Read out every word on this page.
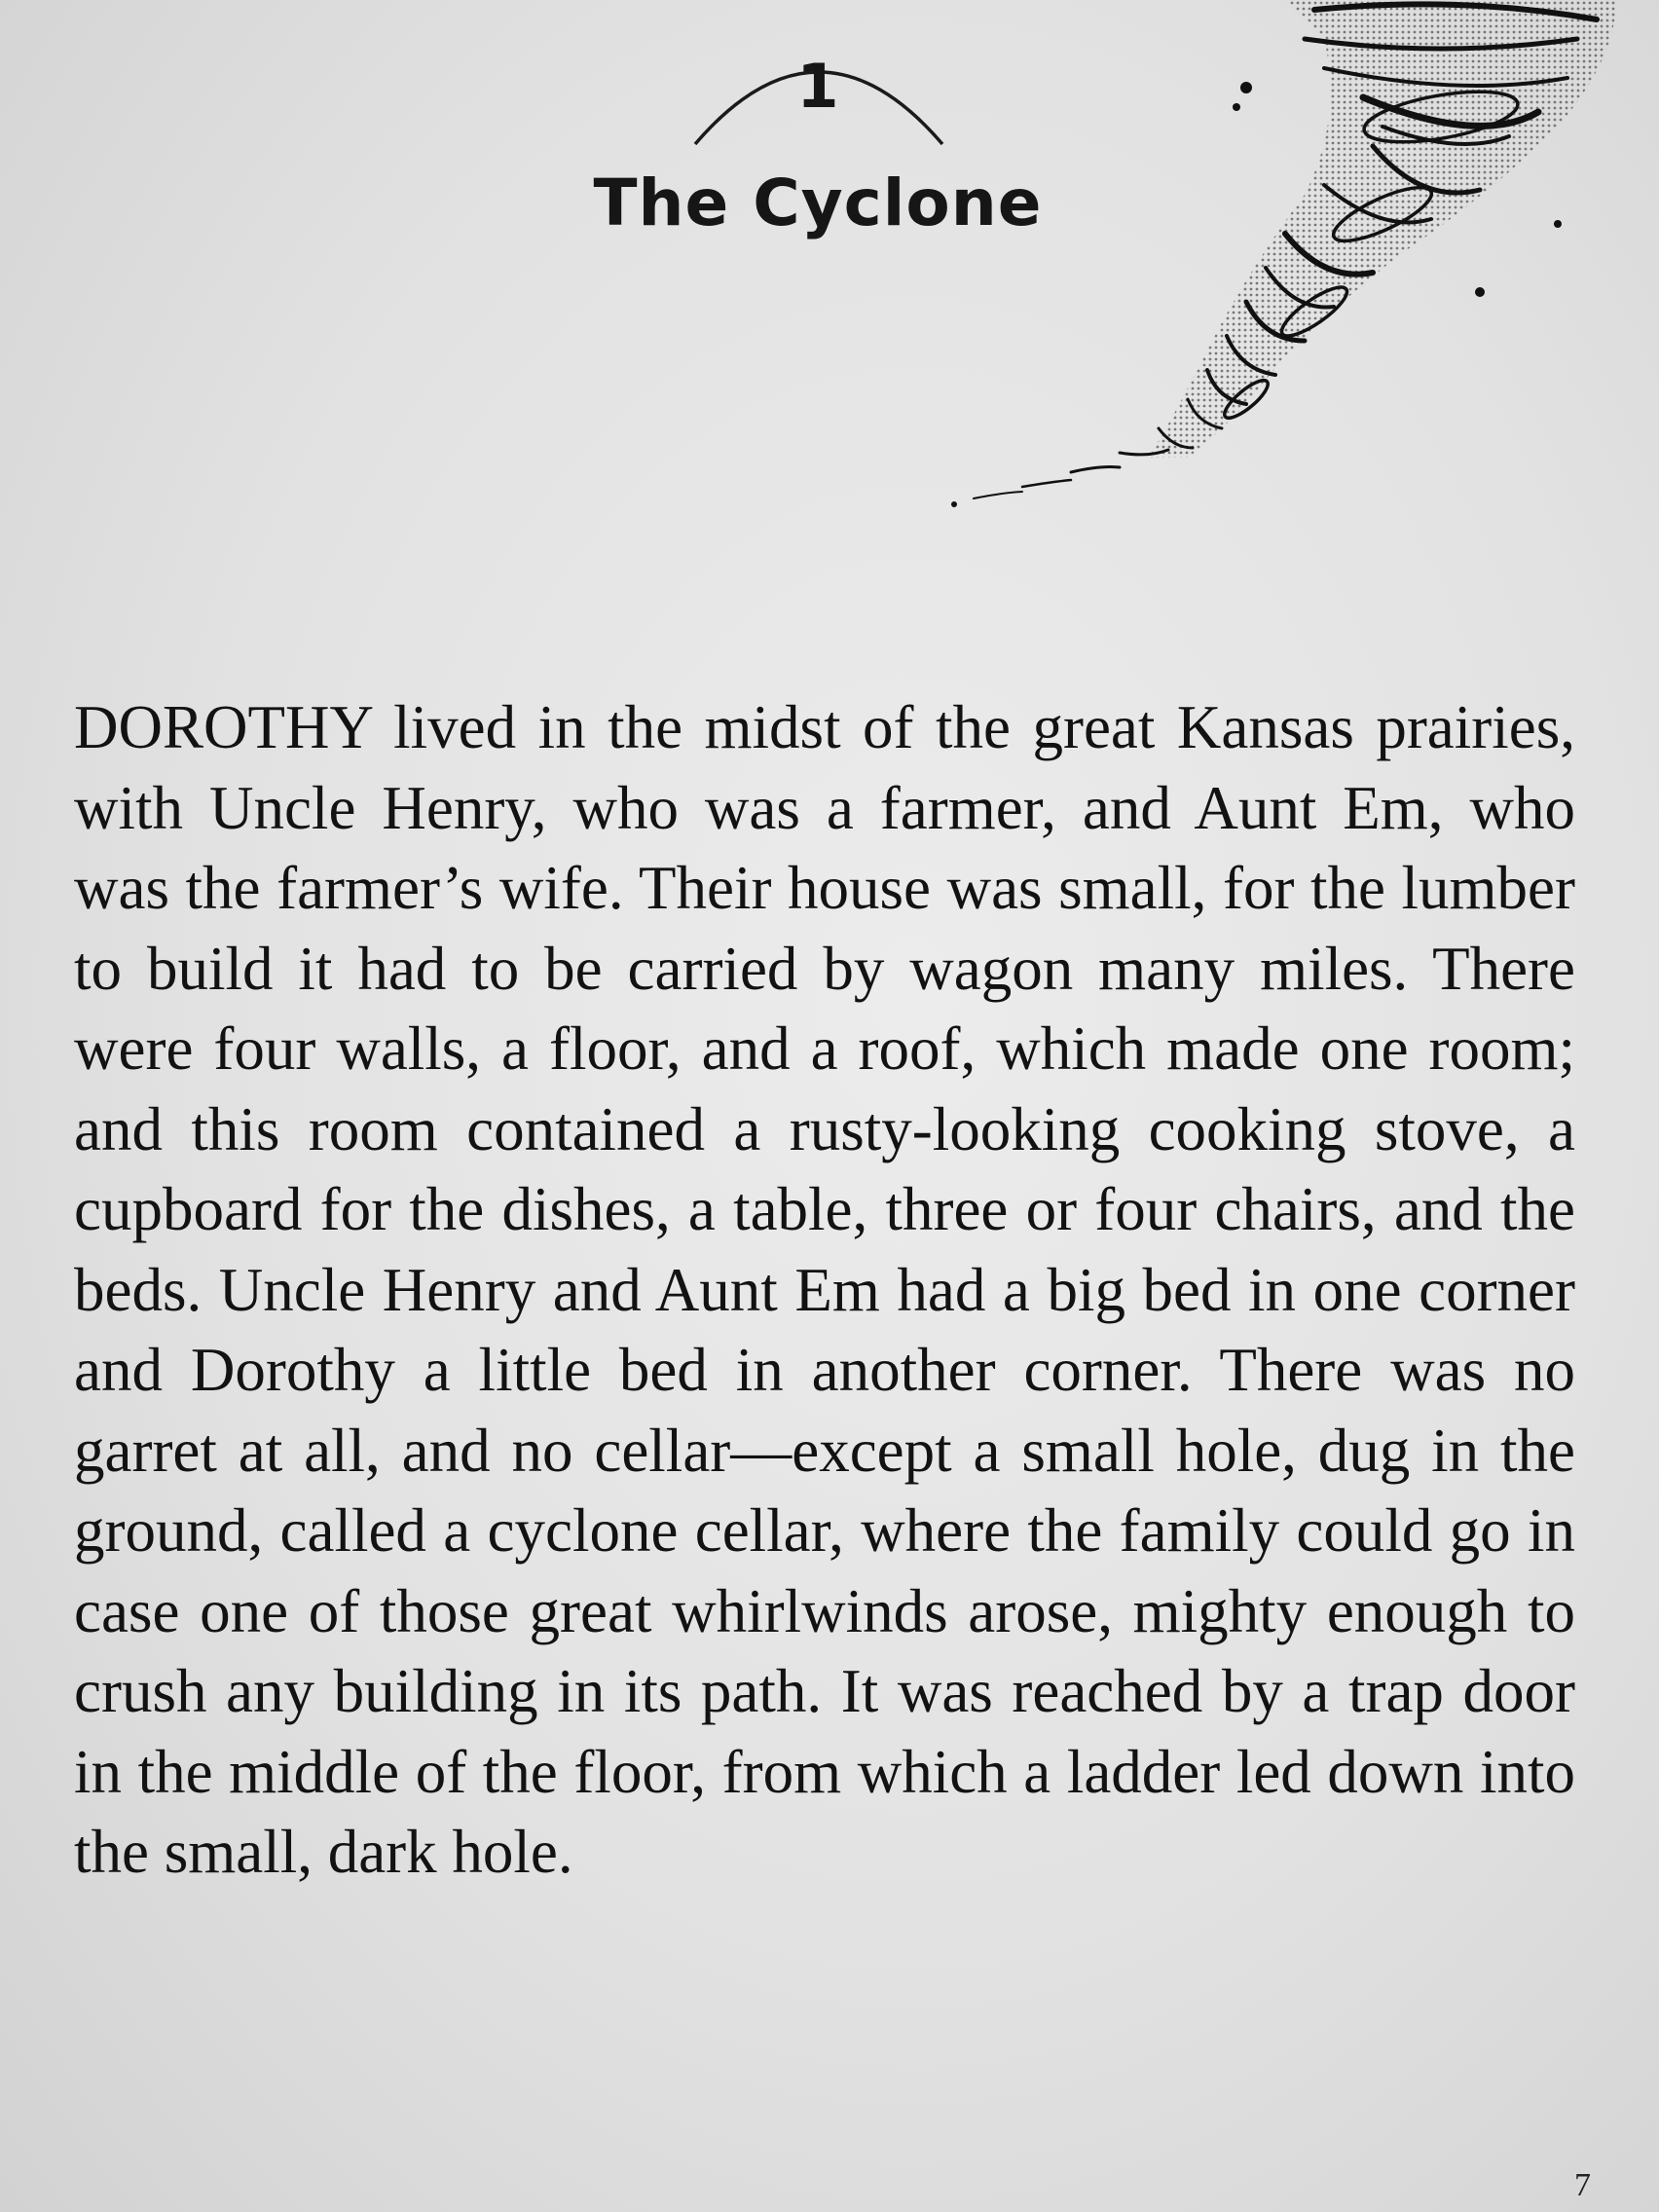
1
The Cyclone
DOROTHY lived in the midst of the great Kansas prairies, with Uncle Henry, who was a farmer, and Aunt Em, who was the farmer’s wife. Their house was small, for the lumber to build it had to be carried by wagon many miles. There were four walls, a floor, and a roof, which made one room; and this room contained a rusty-looking cooking stove, a cupboard for the dishes, a table, three or four chairs, and the beds. Uncle Henry and Aunt Em had a big bed in one corner and Dorothy a little bed in another corner. There was no garret at all, and no cellar—except a small hole, dug in the ground, called a cyclone cellar, where the family could go in case one of those great whirlwinds arose, mighty enough to crush any building in its path. It was reached by a trap door in the middle of the floor, from which a ladder led down into the small, dark hole.
7
